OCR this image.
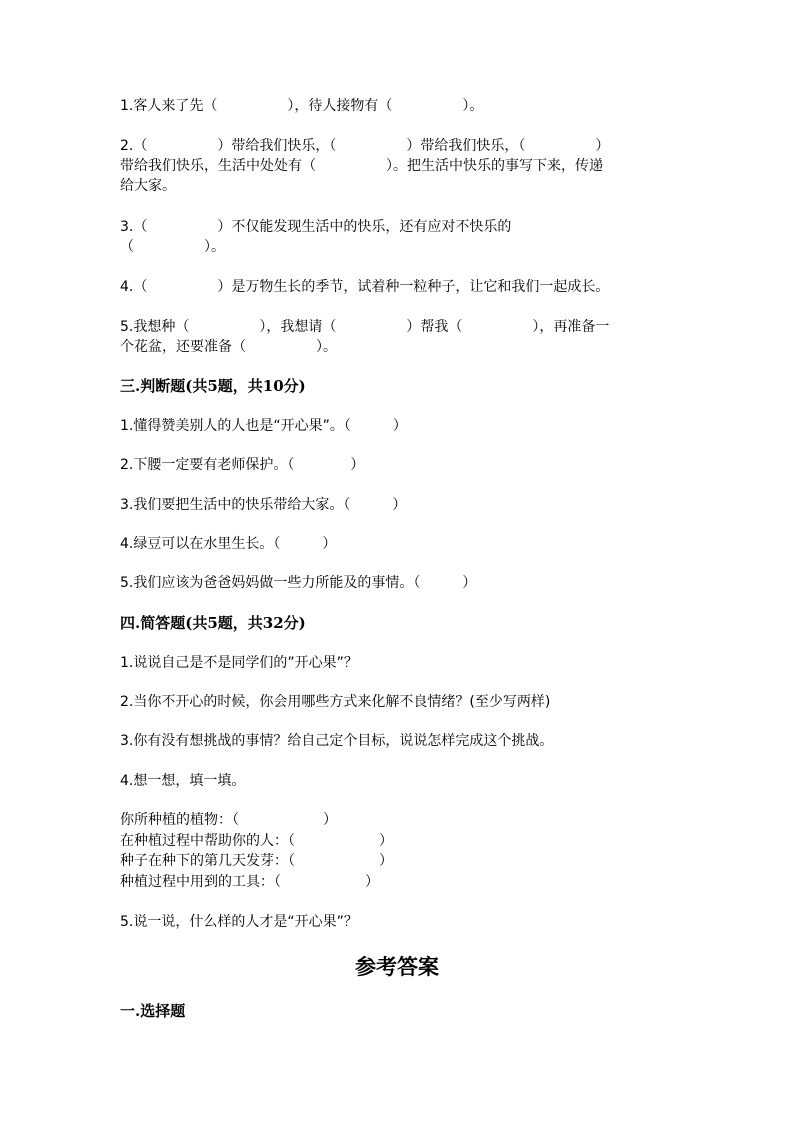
1.客人来了先（　　　　　），待人接物有（　　　　　）。
2.（　　　　　）带给我们快乐，（　　　　　）带给我们快乐，（　　　　　）
带给我们快乐，生活中处处有（　　　　　）。把生活中快乐的事写下来，传递
给大家。
3.（　　　　　）不仅能发现生活中的快乐，还有应对不快乐的
（　　　　　）。
4.（　　　　　）是万物生长的季节，试着种一粒种子，让它和我们一起成长。
5.我想种（　　　　　），我想请（　　　　　）帮我（　　　　　），再准备一
个花盆，还要准备（　　　　　）。
三.判断题(共5题，共10分)
1.懂得赞美别人的人也是“开心果”。（　　　）
2.下腰一定要有老师保护。（　　　　）
3.我们要把生活中的快乐带给大家。（　　　）
4.绿豆可以在水里生长。（　　　）
5.我们应该为爸爸妈妈做一些力所能及的事情。（　　　）
四.简答题(共5题，共32分)
1.说说自己是不是同学们的”开心果”？
2.当你不开心的时候，你会用哪些方式来化解不良情绪？(至少写两样)
3.你有没有想挑战的事情？给自己定个目标，说说怎样完成这个挑战。
4.想一想，填一填。
你所种植的植物：（　　　　　　）
在种植过程中帮助你的人：（　　　　　　）
种子在种下的第几天发芽：（　　　　　　）
种植过程中用到的工具：（　　　　　　）
5.说一说，什么样的人才是“开心果”？
参考答案
一.选择题
